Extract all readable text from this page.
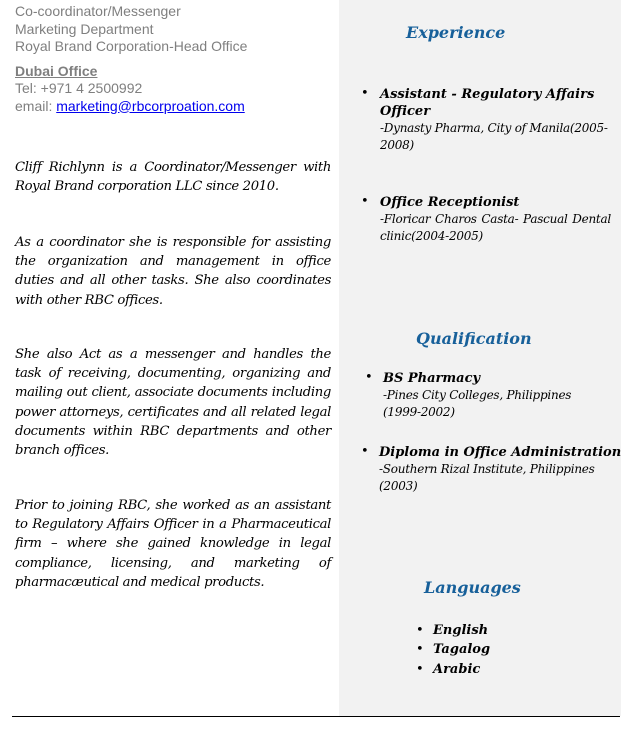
Co-coordinator/Messenger
Marketing Department
Royal Brand Corporation-Head Office
Dubai Office
Tel: +971 4 2500992
email: marketing@rbcorproation.com
Cliff Richlynn is a Coordinator/Messenger with Royal Brand corporation LLC since 2010.
As a coordinator she is responsible for assisting the organization and management in office duties and all other tasks. She also coordinates with other RBC offices.
She also Act as a messenger and handles the task of receiving, documenting, organizing and mailing out client, associate documents including power attorneys, certificates and all related legal documents within RBC departments and other branch offices.
Prior to joining RBC, she worked as an assistant to Regulatory Affairs Officer in a Pharmaceutical firm – where she gained knowledge in legal compliance, licensing, and marketing of pharmacæutical and medical products.
Experience
• Assistant - Regulatory Affairs Officer
-Dynasty Pharma, City of Manila(2005-2008)
• Office Receptionist
-Floricar Charos Casta- Pascual Dental clinic(2004-2005)
Qualification
• BS Pharmacy
-Pines City Colleges, Philippines (1999-2002)
• Diploma in Office Administration
-Southern Rizal Institute, Philippines (2003)
Languages
• English
• Tagalog
• Arabic
